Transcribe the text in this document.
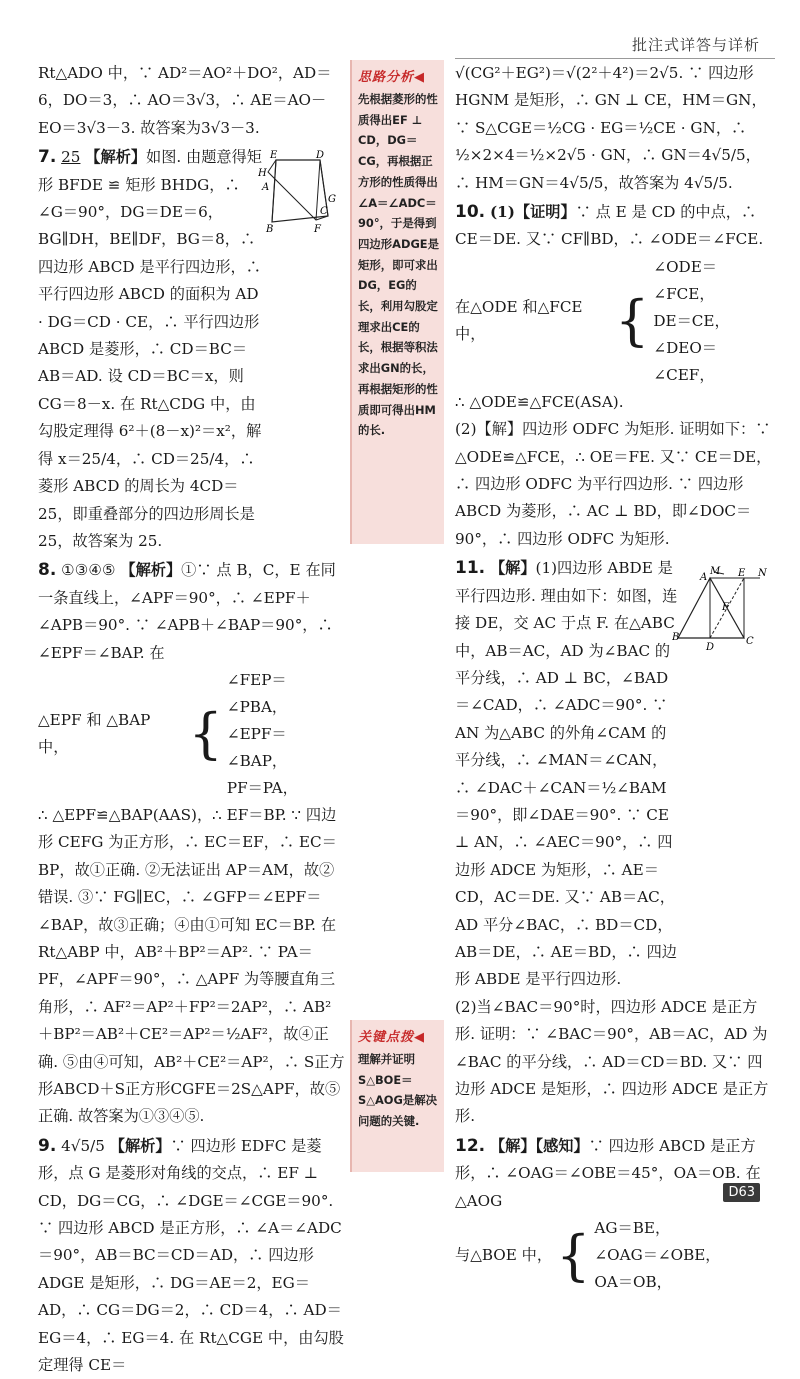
批注式详答与详析

Rt△ADO 中，∵ AD²＝AO²＋DO²，AD＝6，DO＝3，∴ AO＝3√3，∴ AE＝AO－EO＝3√3－3. 故答案为3√3－3.

7. 25 【解析】如图. 由题意得矩形 BFDE ≌ 矩形 BHDG，∴ ∠G＝90°，DG＝DE＝6，BG∥DH，BE∥DF，BG＝8，∴ 四边形 ABCD 是平行四边形，∴ 平行四边形 ABCD 的面积为 AD · DG＝CD · CE，∴ 平行四边形 ABCD 是菱形，∴ CD＝BC＝AB＝AD. 设 CD＝BC＝x，则 CG＝8－x. 在 Rt△CDG 中，由勾股定理得 6²＋(8－x)²＝x²，解得 x＝25/4，∴ CD＝25/4，∴ 菱形 ABCD 的周长为 4CD＝25，即重叠部分的四边形周长是 25，故答案为 25.

8. ①③④⑤ 【解析】①∵ 点 B，C，E 在同一条直线上，∠APF＝90°，∴ ∠EPF＋∠APB＝90°. ∵ ∠APB＋∠BAP＝90°，∴ ∠EPF＝∠BAP. 在

△EPF 和 △BAP 中，	{
∠FEP＝∠PBA，
∠EPF＝∠BAP，
PF＝PA，

∴ △EPF≌△BAP(AAS)，∴ EF＝BP. ∵ 四边形 CEFG 为正方形，∴ EC＝EF，∴ EC＝BP，故①正确. ②无法证出 AP＝AM，故②错误. ③∵ FG∥EC，∴ ∠GFP＝∠EPF＝∠BAP，故③正确；④由①可知 EC＝BP. 在 Rt△ABP 中，AB²＋BP²＝AP². ∵ PA＝PF，∠APF＝90°，∴ △APF 为等腰直角三角形，∴ AF²＝AP²＋FP²＝2AP²，∴ AB²＋BP²＝AB²＋CE²＝AP²＝½AF²，故④正确. ⑤由④可知，AB²＋CE²＝AP²，∴ S正方形ABCD＋S正方形CGFE＝2S△APF，故⑤正确. 故答案为①③④⑤.

9. 4√5/5 【解析】∵ 四边形 EDFC 是菱形，点 G 是菱形对角线的交点，∴ EF ⊥ CD，DG＝CG，∴ ∠DGE＝∠CGE＝90°. ∵ 四边形 ABCD 是正方形，∴ ∠A＝∠ADC＝90°，AB＝BC＝CD＝AD，∴ 四边形 ADGE 是矩形，∴ DG＝AE＝2，EG＝AD，∴ CG＝DG＝2，∴ CD＝4，∴ AD＝EG＝4，∴ EG＝4. 在 Rt△CGE 中，由勾股定理得 CE＝

E	D
H
G
C
B	F
A
思路分析◀
先根据菱形的性质得出EF ⊥ CD，DG＝CG，再根据正方形的性质得出∠A＝∠ADC＝90°，于是得到四边形ADGE是矩形，即可求出DG，EG的长，利用勾股定理求出CE的长，根据等积法求出GN的长，再根据矩形的性质即可得出HM的长.
关键点拨◀
理解并证明S△BOE＝S△AOG是解决问题的关键.

√(CG²＋EG²)＝√(2²＋4²)＝2√5. ∵ 四边形 HGNM 是矩形，∴ GN ⊥ CE，HM＝GN，∵ S△CGE＝½CG · EG＝½CE · GN，∴ ½×2×4＝½×2√5 · GN，∴ GN＝4√5/5，∴ HM＝GN＝4√5/5，故答案为 4√5/5.

10. (1)【证明】∵ 点 E 是 CD 的中点，∴ CE＝DE. 又∵ CF∥BD，∴ ∠ODE＝∠FCE.

在△ODE 和△FCE 中，	{
∠ODE＝∠FCE，
DE＝CE，
∠DEO＝∠CEF，

∴ △ODE≌△FCE(ASA).

(2)【解】四边形 ODFC 为矩形. 证明如下：∵ △ODE≌△FCE，∴ OE＝FE. 又∵ CE＝DE，∴ 四边形 ODFC 为平行四边形. ∵ 四边形 ABCD 为菱形，∴ AC ⊥ BD，即∠DOC＝90°，∴ 四边形 ODFC 为矩形.

11. 【解】(1)四边形 ABDE 是平行四边形. 理由如下：如图，连接 DE，交 AC 于点 F. 在△ABC 中，AB＝AC，AD 为∠BAC 的平分线，∴ AD ⊥ BC，∠BAD＝∠CAD，∴ ∠ADC＝90°. ∵ AN 为△ABC 的外角∠CAM 的平分线，∴ ∠MAN＝∠CAN，∴ ∠DAC＋∠CAN＝½∠BAM＝90°，即∠DAE＝90°. ∵ CE ⊥ AN，∴ ∠AEC＝90°，∴ 四边形 ADCE 为矩形，∴ AE＝CD，AC＝DE. 又∵ AB＝AC，AD 平分∠BAC，∴ BD＝CD，AB＝DE，∴ AE＝BD，∴ 四边形 ABDE 是平行四边形.

(2)当∠BAC＝90°时，四边形 ADCE 是正方形. 证明：∵ ∠BAC＝90°，AB＝AC，AD 为∠BAC 的平分线，∴ AD＝CD＝BD. 又∵ 四边形 ADCE 是矩形，∴ 四边形 ADCE 是正方形.

12. 【解】【感知】∵ 四边形 ABCD 是正方形，∴ ∠OAG＝∠OBE＝45°，OA＝OB. 在△AOG

与△BOE 中， { AG＝BE，
∠OAG＝∠OBE，
OA＝OB，
M
A	E N
F
B
D
C
D63
